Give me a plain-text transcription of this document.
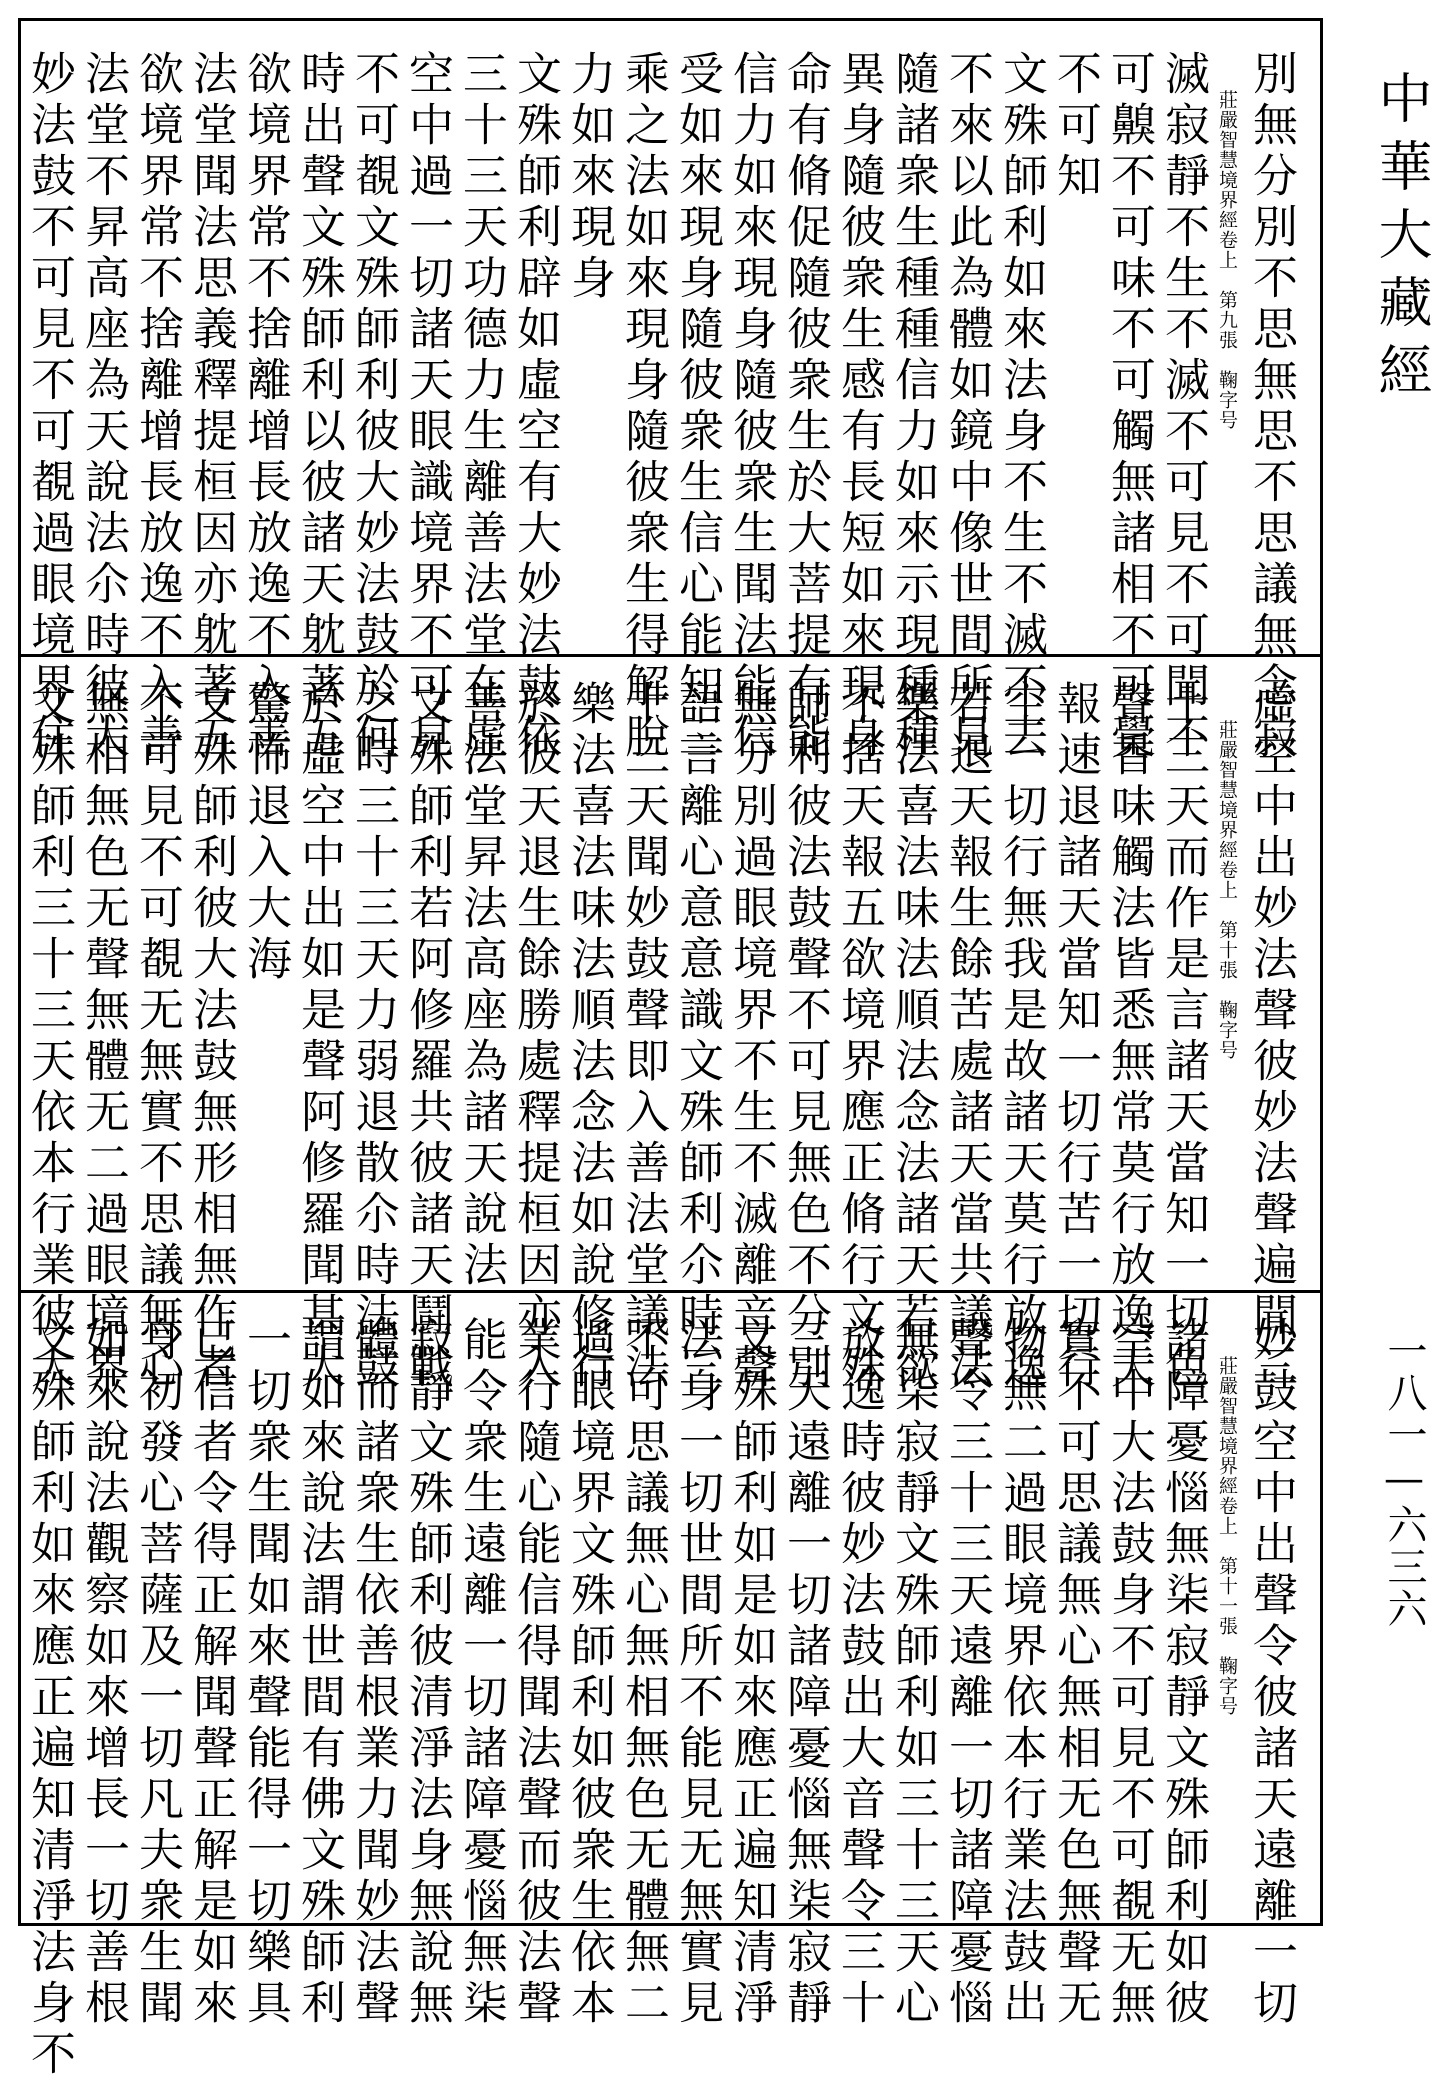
中華大藏經
一八一—六三六
別無分別不思無思不思議無念寂
莊嚴智慧境界經卷上　第九張　鞠字号
滅寂靜不生不滅不可見不可聞不
可齅不可味不可觸無諸相不可覺
不可知
文殊師利如來法身不生不滅不去
不來以此為體如鏡中像世間所見
隨諸衆生種種信力如來示現種種
異身隨彼衆生感有長短如來現身
命有脩促隨彼衆生於大菩提有能
信力如來現身隨彼衆生聞法能信
受如來現身隨彼衆生信心能知三
乘之法如來現身隨彼衆生得解脫
力如來現身
文殊師利辟如虛空有大妙法鼓依
三十三天功德力生離善法堂在虛
空中過一切諸天眼識境界不可見
不可覩文殊師利彼大妙法鼓於何
時出聲文殊師利以彼諸天躭著五
欲境界常不捨離增長放逸不入善
法堂聞法思義釋提桓因亦躭著五
欲境界常不捨離增長放逸不入善
法堂不昇高座為天說法尒時彼大
妙法鼓不可見不可覩過眼境界住
虛空中出妙法聲彼妙法聲遍聞三
莊嚴智慧境界經卷上　第十張　鞠字号
十三天而作是言諸天當知一切色
聲香味觸法皆悉無常莫行放逸天
報速退諸天當知一切行苦一切行
空一切行無我是故諸天莫行放逸
若退天報生餘苦處諸天當共議法
樂法喜法味法順法念法諸天若欲
不捨天報五欲境界應正脩行文殊
師利彼法鼓聲不可見無色不分別
無分別過眼境界不生不滅離音聲
語言離心意意識文殊師利尒時三
十三天聞妙鼓聲即入善法堂議法
樂法喜法味法順法念法如說修行
於彼天退生餘勝處釋提桓因亦入
善法堂昇法高座為諸天說法
文殊師利若阿修羅共彼諸天鬪戰
之時三十三天力弱退散尒時法鼓
於虛空中出如是聲阿修羅聞甚大
驚怖退入大海
文殊師利彼大法鼓無形相無作者
不可見不可覩无無實不思議無心
無相無色无聲無體无二過眼境界
文殊師利三十三天依本行業彼大
妙鼓空中出聲令彼諸天遠離一切
莊嚴智慧境界經卷上　第十一張　鞠字号
諸障憂惱無柒寂靜文殊師利如彼
空中大法鼓身不可見不可覩无無
實不可思議無心無相无色無聲无
物無二過眼境界依本行業法鼓出
聲令三十三天遠離一切諸障憂惱
無柒寂靜文殊師利如三十三天心
放逸時彼妙法鼓出大音聲令三十
三天遠離一切諸障憂惱無柒寂靜
文殊師利如是如來應正遍知清淨
法身一切世間所不能見无無實見
不可思議無心無相無色无體無二
過眼境界文殊師利如彼衆生依本
業行隨心能信得聞法聲而彼法聲
能令衆生遠離一切諸障憂惱無柒
寂靜文殊師利彼清淨法身無說無
體而諸衆生依善根業力聞妙法聲
謂如來說法謂世間有佛文殊師利
一切衆生聞如來聲能得一切樂具
已信者令得正解聞聲正解是如來
身初發心菩薩及一切凡夫衆生聞
如來說法觀察如來增長一切善根
文殊師利如來應正遍知清淨法身不
